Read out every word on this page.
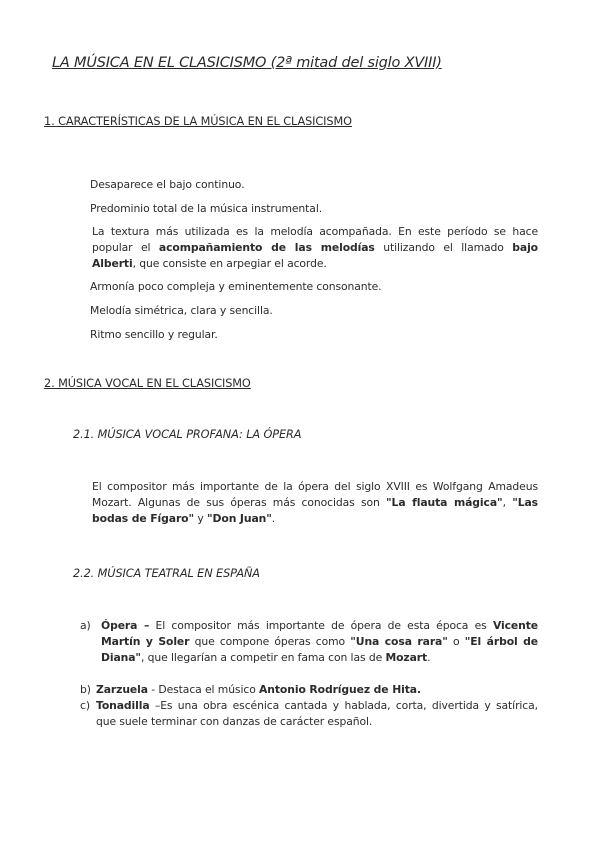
LA MÚSICA EN EL CLASICISMO (2ª mitad del siglo XVIII)
1. CARACTERÍSTICAS DE LA MÚSICA EN EL CLASICISMO
Desaparece el bajo continuo.
Predominio total de la música instrumental.
La textura más utilizada es la melodía acompañada. En este período se hace popular el acompañamiento de las melodías utilizando el llamado bajo Alberti, que consiste en arpegiar el acorde.
Armonía poco compleja y eminentemente consonante.
Melodía simétrica, clara y sencilla.
Ritmo sencillo y regular.
2. MÚSICA VOCAL EN EL CLASICISMO
2.1. MÚSICA VOCAL PROFANA: LA ÓPERA
El compositor más importante de la ópera del siglo XVIII es Wolfgang Amadeus Mozart. Algunas de sus óperas más conocidas son "La flauta mágica", "Las bodas de Fígaro" y "Don Juan".
2.2. MÚSICA TEATRAL EN ESPAÑA
a) Ópera – El compositor más importante de ópera de esta época es Vicente Martín y Soler que compone óperas como "Una cosa rara" o "El árbol de Diana", que llegarían a competir en fama con las de Mozart.
b) Zarzuela - Destaca el músico Antonio Rodríguez de Hita.
c) Tonadilla –Es una obra escénica cantada y hablada, corta, divertida y satírica, que suele terminar con danzas de carácter español.
